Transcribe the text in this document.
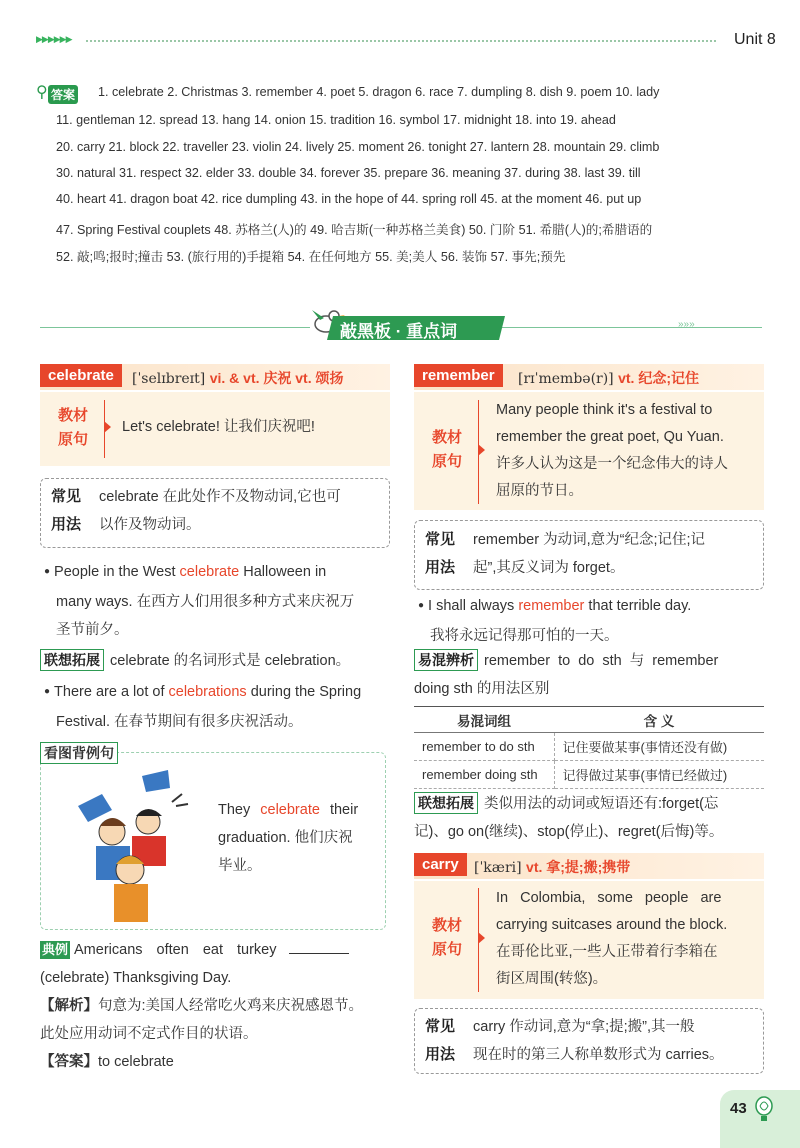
▶▶▶▶▶▶	Unit 8
⚲ 答案 1. celebrate 2. Christmas 3. remember 4. poet 5. dragon 6. race 7. dumpling 8. dish 9. poem 10. lady
11. gentleman 12. spread 13. hang 14. onion 15. tradition 16. symbol 17. midnight 18. into 19. ahead
20. carry 21. block 22. traveller 23. violin 24. lively 25. moment 26. tonight 27. lantern 28. mountain 29. climb
30. natural 31. respect 32. elder 33. double 34. forever 35. prepare 36. meaning 37. during 38. last 39. till
40. heart 41. dragon boat 42. rice dumpling 43. in the hope of 44. spring roll 45. at the moment 46. put up
47. Spring Festival couplets 48. 苏格兰(人)的 49. 哈吉斯(一种苏格兰美食) 50. 门阶 51. 希腊(人)的;希腊语的
52. 敲;鸣;报时;撞击 53. (旅行用的)手提箱 54. 在任何地方 55. 美;美人 56. 装饰 57. 事先;预先
»»»
敲黑板 · 重点词
celebrate	[ˈselɪbreɪt] vi. & vt. 庆祝 vt. 颂扬
教材
原句
Let's celebrate! 让我们庆祝吧!
常见
用法
celebrate 在此处作不及物动词,它也可
以作及物动词。
● People in the West celebrate Halloween in
many ways. 在西方人们用很多种方式来庆祝万
圣节前夕。
联想拓展 celebrate 的名词形式是 celebration。
● There are a lot of celebrations during the Spring
Festival. 在春节期间有很多庆祝活动。
看图背例句
They celebrate their
graduation. 他们庆祝
毕业。
典例 Americans often eat turkey
(celebrate) Thanksgiving Day.
【解析】句意为:美国人经常吃火鸡来庆祝感恩节。
此处应用动词不定式作目的状语。
【答案】to celebrate
remember	[rɪˈmembə(r)] vt. 纪念;记住
教材
原句
Many people think it's a festival to
remember the great poet, Qu Yuan.
许多人认为这是一个纪念伟大的诗人
屈原的节日。
常见
用法
remember 为动词,意为“纪念;记住;记
起”,其反义词为 forget。
● I shall always remember that terrible day.
我将永远记得那可怕的一天。
易混辨析 remember to do sth 与 remember
doing sth 的用法区别
易混词组	含 义
remember to do sth	记住要做某事(事情还没有做)
remember doing sth	记得做过某事(事情已经做过)
联想拓展 类似用法的动词或短语还有:forget(忘
记)、go on(继续)、stop(停止)、regret(后悔)等。
carry	[ˈkæri] vt. 拿;提;搬;携带
教材
原句
In Colombia, some people are
carrying suitcases around the block.
在哥伦比亚,一些人正带着行李箱在
街区周围(转悠)。
常见
用法
carry 作动词,意为“拿;提;搬”,其一般
现在时的第三人称单数形式为 carries。
43
